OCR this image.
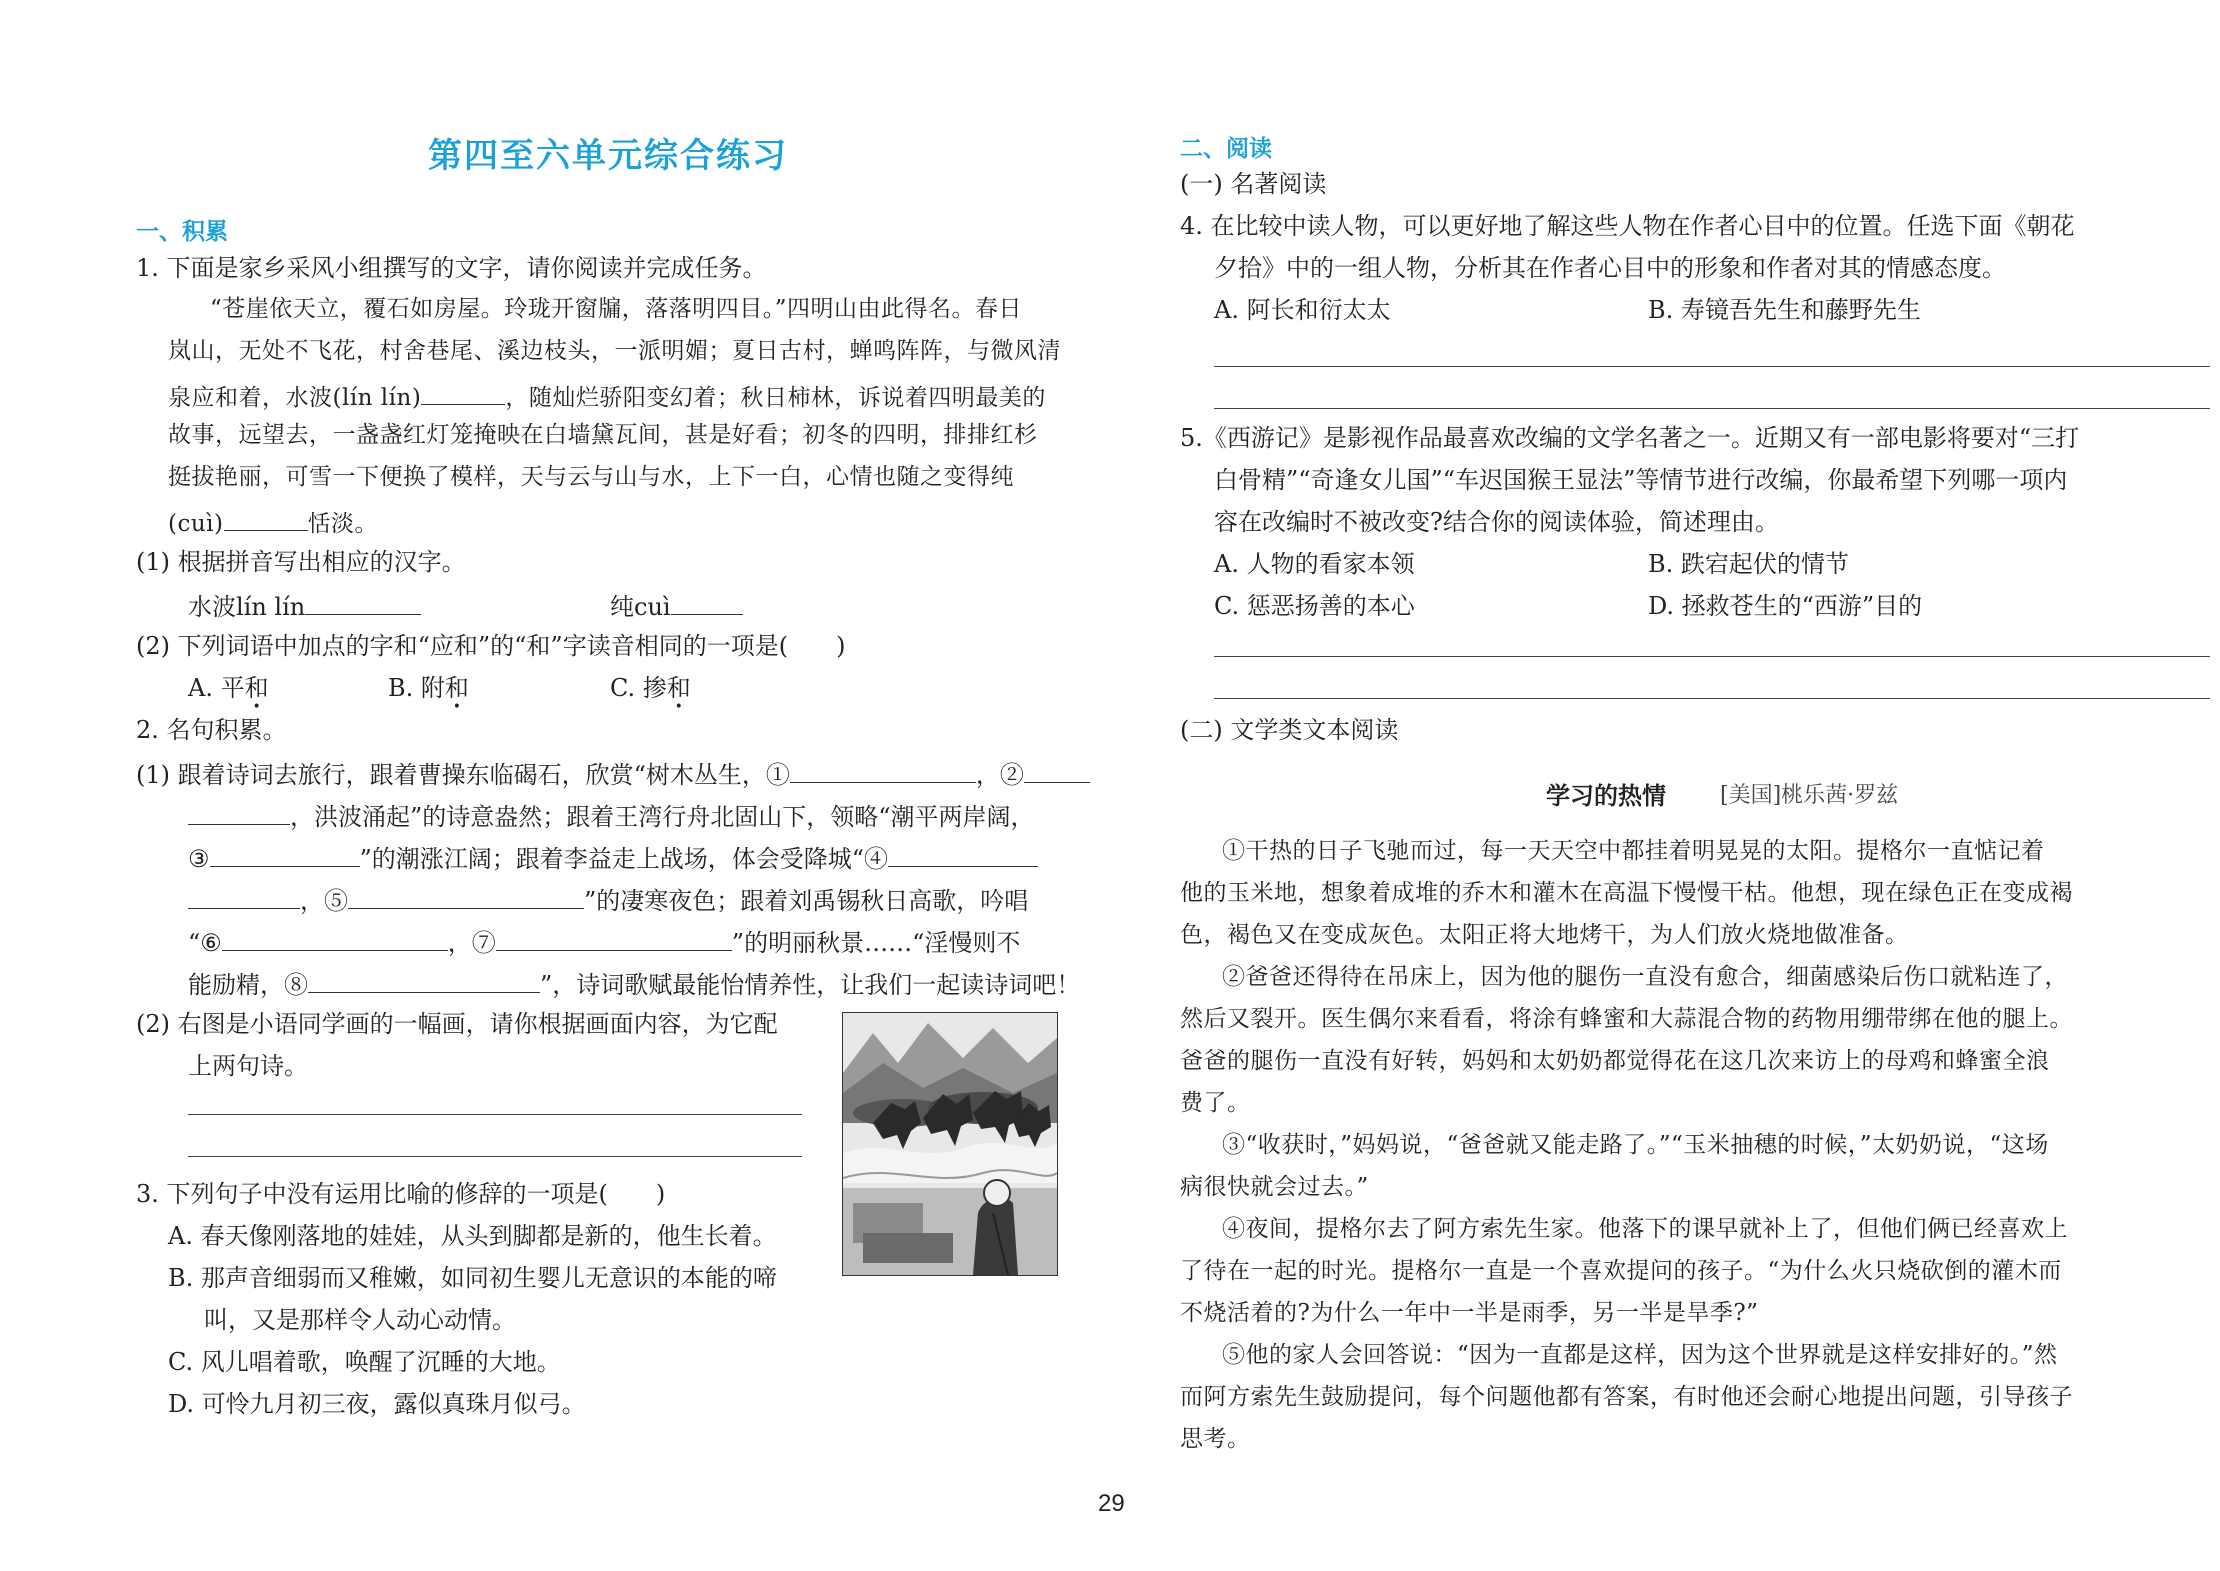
第四至六单元综合练习
一、积累
1. 下面是家乡采风小组撰写的文字，请你阅读并完成任务。
“苍崖依天立，覆石如房屋。玲珑开窗牖，落落明四目。”四明山由此得名。春日
岚山，无处不飞花，村舍巷尾、溪边枝头，一派明媚；夏日古村，蝉鸣阵阵，与微风清
泉应和着，水波(lín lín)	，随灿烂骄阳变幻着；秋日柿林，诉说着四明最美的
故事，远望去，一盏盏红灯笼掩映在白墙黛瓦间，甚是好看；初冬的四明，排排红杉
挺拔艳丽，可雪一下便换了模样，天与云与山与水，上下一白，心情也随之变得纯
(cuì)	恬淡。
(1) 根据拼音写出相应的汉字。
水波lín lín	纯cuì
(2) 下列词语中加点的字和“应和”的“和”字读音相同的一项是(　　)
A. 平和	B. 附和	C. 掺和
2. 名句积累。
(1) 跟着诗词去旅行，跟着曹操东临碣石，欣赏“树木丛生，①	，②
，洪波涌起”的诗意盎然；跟着王湾行舟北固山下，领略“潮平两岸阔，
③	”的潮涨江阔；跟着李益走上战场，体会受降城“④
，⑤	”的凄寒夜色；跟着刘禹锡秋日高歌，吟唱
“⑥	，⑦	”的明丽秋景……“淫慢则不
能励精，⑧	”，诗词歌赋最能怡情养性，让我们一起读诗词吧！
(2) 右图是小语同学画的一幅画，请你根据画面内容，为它配
上两句诗。
3. 下列句子中没有运用比喻的修辞的一项是(　　)
A. 春天像刚落地的娃娃，从头到脚都是新的，他生长着。
B. 那声音细弱而又稚嫩，如同初生婴儿无意识的本能的啼
叫，又是那样令人动心动情。
C. 风儿唱着歌，唤醒了沉睡的大地。
D. 可怜九月初三夜，露似真珠月似弓。
二、阅读
(一) 名著阅读
4. 在比较中读人物，可以更好地了解这些人物在作者心目中的位置。任选下面《朝花
夕拾》中的一组人物，分析其在作者心目中的形象和作者对其的情感态度。
A. 阿长和衍太太	B. 寿镜吾先生和藤野先生
5.《西游记》是影视作品最喜欢改编的文学名著之一。近期又有一部电影将要对“三打
白骨精”“奇逢女儿国”“车迟国猴王显法”等情节进行改编，你最希望下列哪一项内
容在改编时不被改变?结合你的阅读体验，简述理由。
A. 人物的看家本领	B. 跌宕起伏的情节
C. 惩恶扬善的本心	D. 拯救苍生的“西游”目的
(二) 文学类文本阅读
学习的热情 [美国]桃乐茜·罗兹
①干热的日子飞驰而过，每一天天空中都挂着明晃晃的太阳。提格尔一直惦记着
他的玉米地，想象着成堆的乔木和灌木在高温下慢慢干枯。他想，现在绿色正在变成褐
色，褐色又在变成灰色。太阳正将大地烤干，为人们放火烧地做准备。
②爸爸还得待在吊床上，因为他的腿伤一直没有愈合，细菌感染后伤口就粘连了，
然后又裂开。医生偶尔来看看，将涂有蜂蜜和大蒜混合物的药物用绷带绑在他的腿上。
爸爸的腿伤一直没有好转，妈妈和太奶奶都觉得花在这几次来访上的母鸡和蜂蜜全浪
费了。
③“收获时，”妈妈说，“爸爸就又能走路了。”“玉米抽穗的时候，”太奶奶说，“这场
病很快就会过去。”
④夜间，提格尔去了阿方索先生家。他落下的课早就补上了，但他们俩已经喜欢上
了待在一起的时光。提格尔一直是一个喜欢提问的孩子。“为什么火只烧砍倒的灌木而
不烧活着的?为什么一年中一半是雨季，另一半是旱季?”
⑤他的家人会回答说：“因为一直都是这样，因为这个世界就是这样安排好的。”然
而阿方索先生鼓励提问，每个问题他都有答案，有时他还会耐心地提出问题，引导孩子
思考。
29
